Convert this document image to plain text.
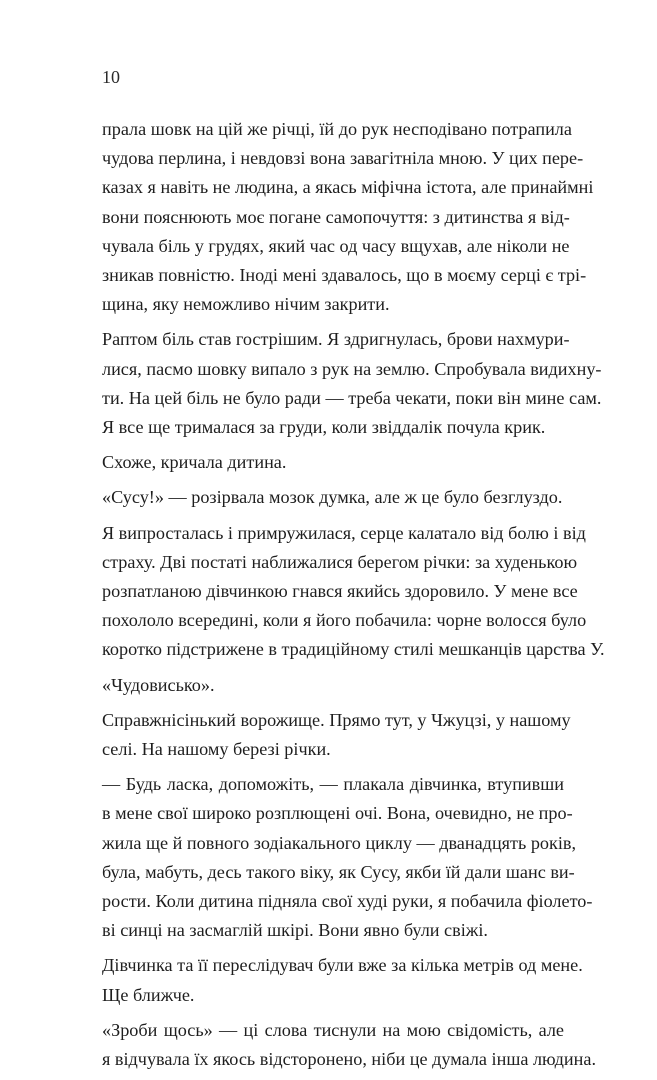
10

прала шовк на цій же річці, їй до рук несподівано потрапила
чудова перлина, і невдовзі вона завагітніла мною. У цих пере-
казах я навіть не людина, а якась міфічна істота, але принаймні
вони пояснюють моє погане самопочуття: з дитинства я від-
чувала біль у грудях, який час од часу вщухав, але ніколи не
зникав повністю. Іноді мені здавалось, що в моєму серці є трі-
щина, яку неможливо нічим закрити.

Раптом біль став гострішим. Я здригнулась, брови нахмури-
лися, пасмо шовку випало з рук на землю. Спробувала видихну-
ти. На цей біль не було ради — треба чекати, поки він мине сам.
Я все ще трималася за груди, коли звіддалік почула крик.

Схоже, кричала дитина.

«Сусу!» — розірвала мозок думка, але ж це було безглуздо.

Я випросталась і примружилася, серце калатало від болю і від
страху. Дві постаті наближалися берегом річки: за худенькою
розпатланою дівчинкою гнався якийсь здоровило. У мене все
похололо всередині, коли я його побачила: чорне волосся було
коротко підстрижене в традиційному стилі мешканців царства У.

«Чудовисько».

Справжнісінький ворожище. Прямо тут, у Чжуцзі, у нашому
селі. На нашому березі річки.

— Будь ласка, допоможіть, — плакала дівчинка, втупивши
в мене свої широко розплющені очі. Вона, очевидно, не про-
жила ще й повного зодіакального циклу — дванадцять років,
була, мабуть, десь такого віку, як Сусу, якби їй дали шанс ви-
рости. Коли дитина підняла свої худі руки, я побачила фіолето-
ві синці на засмаглій шкірі. Вони явно були свіжі.

Дівчинка та її переслідувач були вже за кілька метрів од мене.
Ще ближче.

«Зроби щось» — ці слова тиснули на мою свідомість, але
я відчувала їх якось відсторонено, ніби це думала інша людина.
